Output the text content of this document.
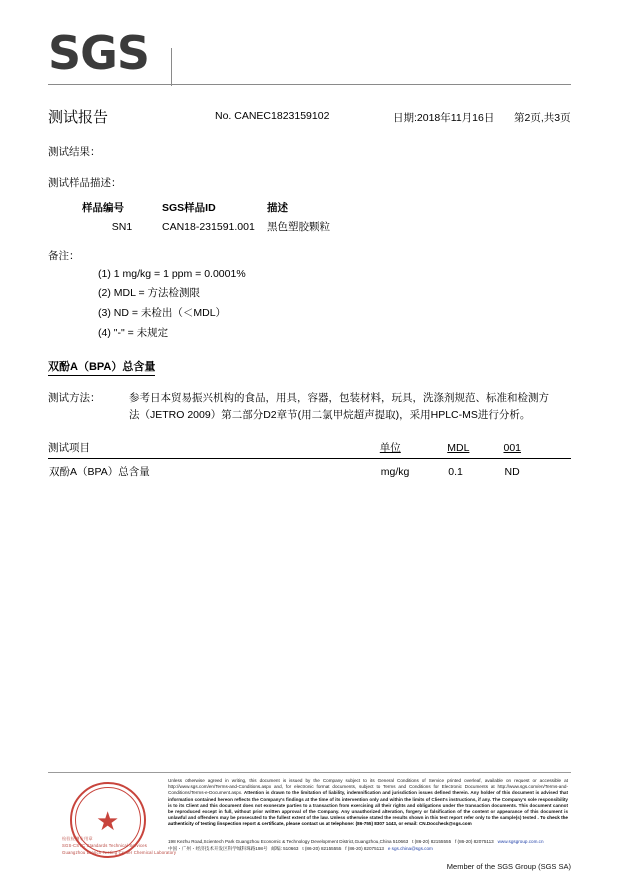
SGS
测试报告	No. CANEC1823159102	日期:2018年11月16日 第2页,共3页
测试结果：
测试样品描述：
样品编号	SGS样品ID	描述
SN1	CAN18-231591.001	黑色塑胶颗粒
备注：
(1) 1 mg/kg = 1 ppm = 0.0001%
(2) MDL = 方法检测限
(3) ND = 未检出（＜MDL）
(4) "-" = 未规定
双酚A（BPA）总含量
测试方法：	参考日本贸易振兴机构的食品，用具，容器，包装材料，玩具，洗涤剂规范、标准和检测方
法（JETRO 2009）第二部分D2章节(用二氯甲烷超声提取)，采用HPLC-MS进行分析。
测试项目	单位	MDL	001
双酚A（BPA）总含量	mg/kg	0.1	ND
★
检验检测专用章
SGS-CSTC Standards Technical Services
Guangzhou Branch Testing Center Chemical Laboratory
Unless otherwise agreed in writing, this document is issued by the Company subject to its General Conditions of Service printed overleaf, available on request or accessible at http://www.sgs.com/en/Terms-and-Conditions.aspx and, for electronic format documents, subject to Terms and Conditions for Electronic Documents at http://www.sgs.com/en/Terms-and-Conditions/Terms-e-Document.aspx. Attention is drawn to the limitation of liability, indemnification and jurisdiction issues defined therein. Any holder of this document is advised that information contained hereon reflects the Company's findings at the time of its intervention only and within the limits of Client's instructions, if any. The Company's sole responsibility is to its Client and this document does not exonerate parties to a transaction from exercising all their rights and obligations under the transaction documents. This document cannot be reproduced except in full, without prior written approval of the Company. Any unauthorized alteration, forgery or falsification of the content or appearance of this document is unlawful and offenders may be prosecuted to the fullest extent of the law. Unless otherwise stated the results shown in this test report refer only to the sample(s) tested . To check the authenticity of testing /inspection report & certificate, please contact us at telephone: (86-755) 8307 1443, or email: CN.Doccheck@sgs.com
198 Kezhu Road,Scientech Park Guangzhou Economic & Technology Development District,Guangzhou,China 510663 t (86-20) 82155555 f (86-20) 82075113 www.sgsgroup.com.cn
中国・广州・经济技术开发区科学城科珠路198号 邮编: 510663 t (86-20) 82155555 f (86-20) 82075113 e sgs.china@sgs.com
Member of the SGS Group (SGS SA)
